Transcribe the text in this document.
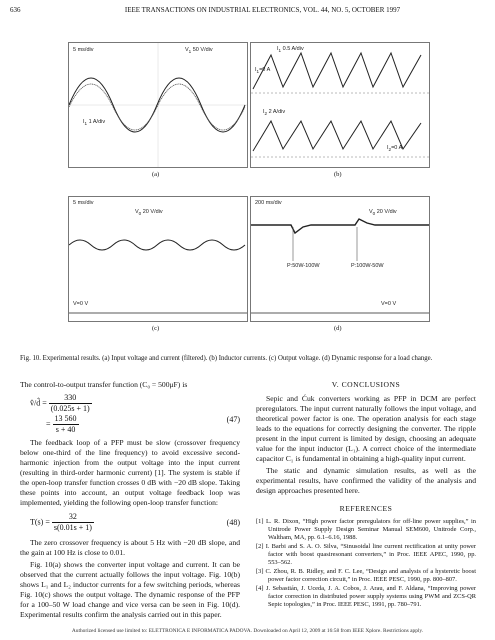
636	IEEE TRANSACTIONS ON INDUSTRIAL ELECTRONICS, VOL. 44, NO. 5, OCTOBER 1997
5 ms/div	$V_1$ 50 V/div
$I_1$ 1 A/div
(a)
$I_1$ 0.5 A/div
$I_1=0$ A
$I_2$ 2 A/div
$I_2=0$ A
(b)
5 ms/div
$V_0$ 20 V/div
V=0 V
(c)
200 ms/div
$V_0$ 20 V/div
P:50W-100W	P:100W-50W
V=0 V
(d)
Fig. 10. Experimental results. (a) Input voltage and current (filtered). (b) Inductor currents. (c) Output voltage. (d) Dynamic response for a load change.

The control-to-output transfer function (C₀ = 500μF) is

v̂/d̂ = $\frac{330}{(0.025s + 1)}$
= $\frac{13 560}{s + 40}$	(47)

The feedback loop of a PFP must be slow (crossover frequency below one-third of the line frequency) to avoid excessive second-harmonic injection from the output voltage into the input current (resulting in third-order harmonic current) [1]. The system is stable if the open-loop transfer function crosses 0 dB with −20 dB slope. Taking these points into account, an output voltage feedback loop was implemented, yielding the following open-loop transfer function:

$T(s) = \frac{32}{s(0.01s + 1)}$	(48)

The zero crossover frequency is about 5 Hz with −20 dB slope, and the gain at 100 Hz is close to 0.01.

Fig. 10(a) shows the converter input voltage and current. It can be observed that the current actually follows the input voltage. Fig. 10(b) shows L₁ and L₂ inductor currents for a few switching periods, whereas Fig. 10(c) shows the output voltage. The dynamic response of the PFP for a 100–50 W load change and vice versa can be seen in Fig. 10(d). Experimental results confirm the analysis carried out in this paper.

V. CONCLUSIONS

Sepic and Ćuk converters working as PFP in DCM are perfect preregulators. The input current naturally follows the input voltage, and theoretical power factor is one. The operation analysis for each stage leads to the equations for correctly designing the converter. The ripple present in the input current is limited by design, choosing an adequate value for the input inductor (L₁). A correct choice of the intermediate capacitor C₁ is fundamental in obtaining a high-quality input current.

The static and dynamic simulation results, as well as the experimental results, have confirmed the validity of the analysis and design approaches presented here.

REFERENCES
[1] L. R. Dixon, “High power factor preregulators for off-line power supplies,” in Unitrode Power Supply Design Seminar Manual SEM600, Unitrode Corp., Waltham, MA, pp. 6.1–6.16, 1988.
[2] I. Barbi and S. A. O. Silva, “Sinusoidal line current rectification at unity power factor with boost quasiresonant converters,” in Proc. IEEE APEC, 1990, pp. 553–562.
[3] C. Zhou, R. B. Ridley, and F. C. Lee, “Design and analysis of a hysteretic boost power factor correction circuit,” in Proc. IEEE PESC, 1990, pp. 800–807.
[4] J. Sebastián, J. Uceda, J. A. Cobos, J. Arau, and F. Aldana, “Improving power factor correction in distributed power supply systems using PWM and ZCS-QR Sepic topologies,” in Proc. IEEE PESC, 1991, pp. 780–791.
Authorized licensed use limited to: ELETTRONICA E INFORMATICA PADOVA. Downloaded on April 12, 2009 at 16:58 from IEEE Xplore. Restrictions apply.
